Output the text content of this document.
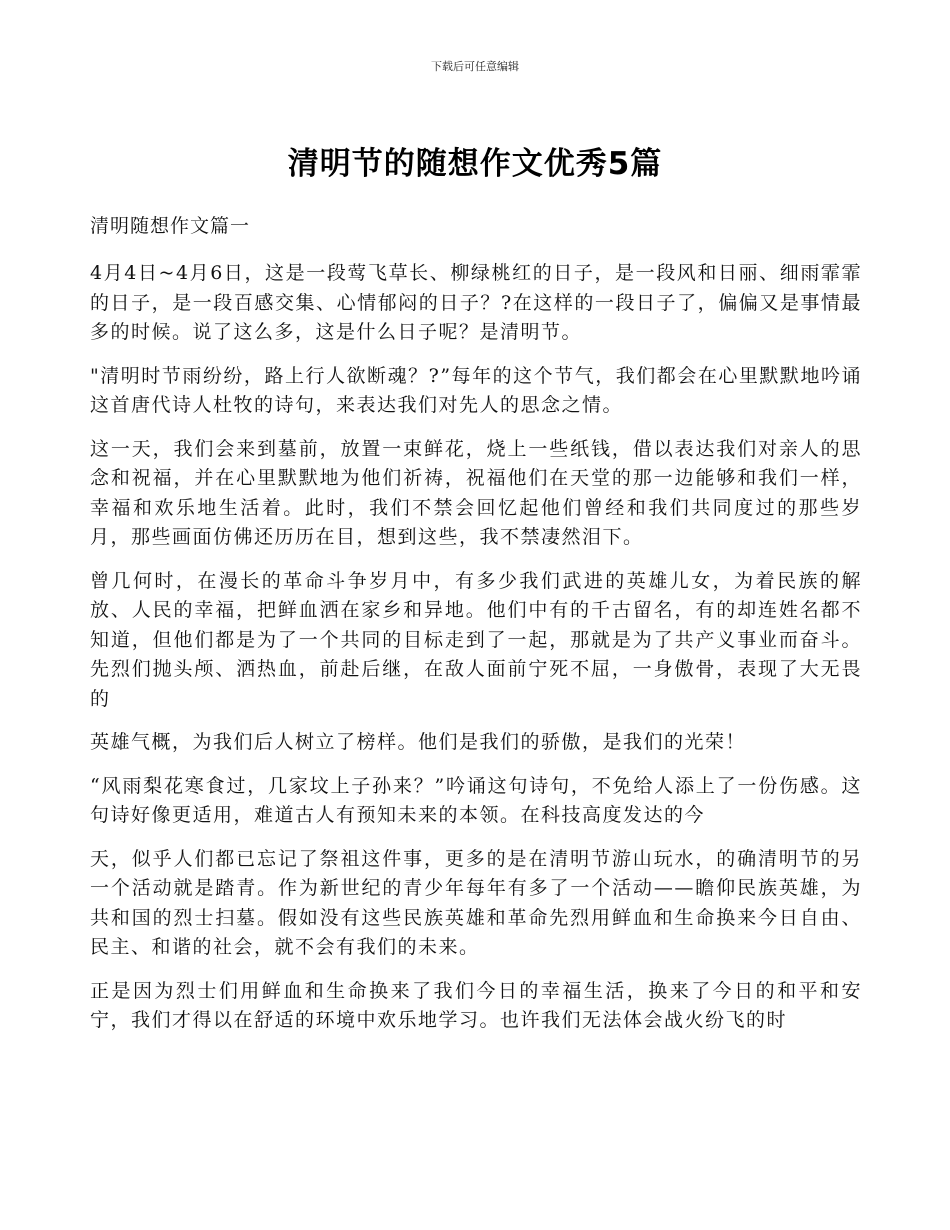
下载后可任意编辑
清明节的随想作文优秀5篇

清明随想作文篇一

4月4日~4月6日，这是一段莺飞草长、柳绿桃红的日子，是一段风和日丽、细雨霏霏的日子，是一段百感交集、心情郁闷的日子？?在这样的一段日子了，偏偏又是事情最多的时候。说了这么多，这是什么日子呢？是清明节。

"清明时节雨纷纷，路上行人欲断魂？?”每年的这个节气，我们都会在心里默默地吟诵这首唐代诗人杜牧的诗句，来表达我们对先人的思念之情。

这一天，我们会来到墓前，放置一束鲜花，烧上一些纸钱，借以表达我们对亲人的思念和祝福，并在心里默默地为他们祈祷，祝福他们在天堂的那一边能够和我们一样，幸福和欢乐地生活着。此时，我们不禁会回忆起他们曾经和我们共同度过的那些岁月，那些画面仿佛还历历在目，想到这些，我不禁凄然泪下。

曾几何时，在漫长的革命斗争岁月中，有多少我们武进的英雄儿女，为着民族的解放、人民的幸福，把鲜血洒在家乡和异地。他们中有的千古留名，有的却连姓名都不知道，但他们都是为了一个共同的目标走到了一起，那就是为了共产义事业而奋斗。先烈们抛头颅、洒热血，前赴后继，在敌人面前宁死不屈，一身傲骨，表现了大无畏的

英雄气概，为我们后人树立了榜样。他们是我们的骄傲，是我们的光荣！

“风雨梨花寒食过，几家坟上子孙来？”吟诵这句诗句，不免给人添上了一份伤感。这句诗好像更适用，难道古人有预知未来的本领。在科技高度发达的今

天，似乎人们都已忘记了祭祖这件事，更多的是在清明节游山玩水，的确清明节的另一个活动就是踏青。作为新世纪的青少年每年有多了一个活动——瞻仰民族英雄，为共和国的烈士扫墓。假如没有这些民族英雄和革命先烈用鲜血和生命换来今日自由、民主、和谐的社会，就不会有我们的未来。

正是因为烈士们用鲜血和生命换来了我们今日的幸福生活，换来了今日的和平和安宁，我们才得以在舒适的环境中欢乐地学习。也许我们无法体会战火纷飞的时
